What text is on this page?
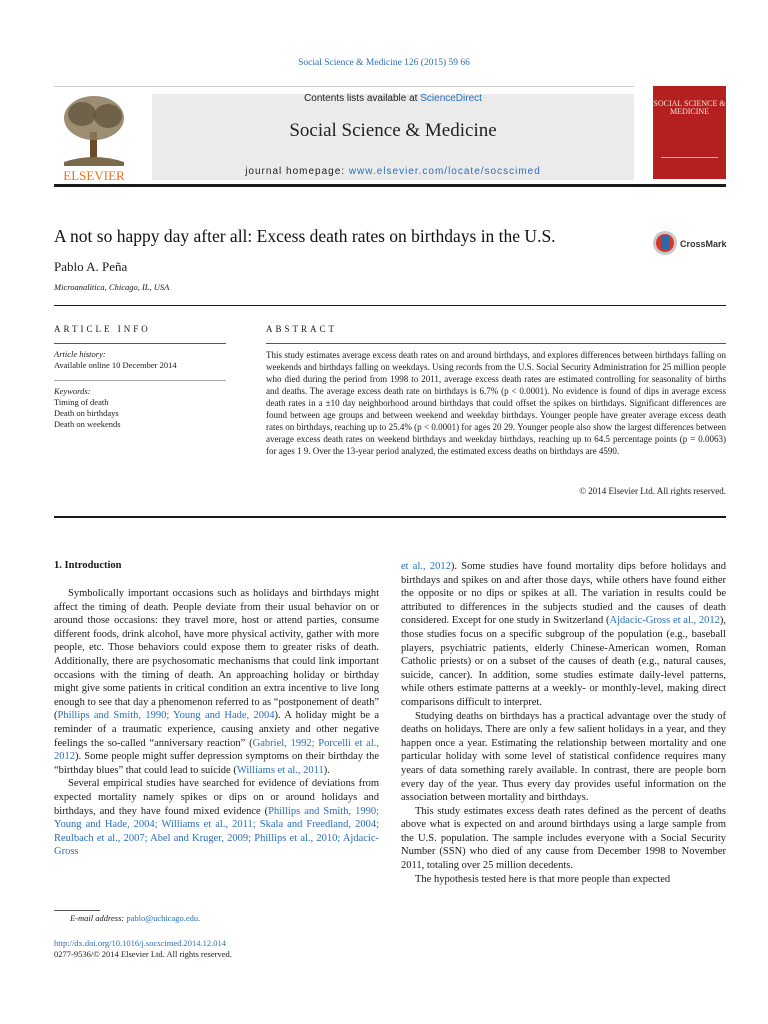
Social Science & Medicine 126 (2015) 59 66
ELSEVIER
Contents lists available at ScienceDirect
Social Science & Medicine
journal homepage: www.elsevier.com/locate/socscimed
SOCIAL SCIENCE & MEDICINE
A not so happy day after all: Excess death rates on birthdays in the U.S.	CrossMark
Pablo A. Peña
Microanalitica, Chicago, IL, USA
ARTICLE INFO
Article history:
Available online 10 December 2014
Keywords:
Timing of death
Death on birthdays
Death on weekends
ABSTRACT
This study estimates average excess death rates on and around birthdays, and explores differences between birthdays falling on weekends and birthdays falling on weekdays. Using records from the U.S. Social Security Administration for 25 million people who died during the period from 1998 to 2011, average excess death rates are estimated controlling for seasonality of births and deaths. The average excess death rate on birthdays is 6.7% (p < 0.0001). No evidence is found of dips in average excess death rates in a ±10 day neighborhood around birthdays that could offset the spikes on birthdays. Significant differences are found between age groups and between weekend and weekday birthdays. Younger people have greater average excess death rates on birthdays, reaching up to 25.4% (p < 0.0001) for ages 20 29. Younger people also show the largest differences between average excess death rates on weekend birthdays and weekday birthdays, reaching up to 64.5 percentage points (p = 0.0063) for ages 1 9. Over the 13-year period analyzed, the estimated excess deaths on birthdays are 4590.
© 2014 Elsevier Ltd. All rights reserved.
1. Introduction

Symbolically important occasions such as holidays and birthdays might affect the timing of death. People deviate from their usual behavior on or around those occasions: they travel more, host or attend parties, consume different foods, drink alcohol, have more physical activity, gather with more people, etc. Those behaviors could expose them to greater risks of death. Additionally, there are psychosomatic mechanisms that could link important occasions with the timing of death. An approaching holiday or birthday might give some patients in critical condition an extra incentive to live long enough to see that day a phenomenon referred to as “postponement of death” (Phillips and Smith, 1990; Young and Hade, 2004). A holiday might be a reminder of a traumatic experience, causing anxiety and other negative feelings the so-called “anniversary reaction” (Gabriel, 1992; Porcelli et al., 2012). Some people might suffer depression symptoms on their birthday the “birthday blues” that could lead to suicide (Williams et al., 2011).

Several empirical studies have searched for evidence of deviations from expected mortality namely spikes or dips on or around holidays and birthdays, and they have found mixed evidence (Phillips and Smith, 1990; Young and Hade, 2004; Williams et al., 2011; Skala and Freedland, 2004; Reulbach et al., 2007; Abel and Kruger, 2009; Phillips et al., 2010; Ajdacic-Gross

et al., 2012). Some studies have found mortality dips before holidays and birthdays and spikes on and after those days, while others have found either the opposite or no dips or spikes at all. The variation in results could be attributed to differences in the subjects studied and the causes of death considered. Except for one study in Switzerland (Ajdacic-Gross et al., 2012), those studies focus on a specific subgroup of the population (e.g., baseball players, psychiatric patients, elderly Chinese-American women, Roman Catholic priests) or on a subset of the causes of death (e.g., natural causes, suicide, cancer). In addition, some studies estimate daily-level patterns, while others estimate patterns at a weekly- or monthly-level, making direct comparisons difficult to interpret.

Studying deaths on birthdays has a practical advantage over the study of deaths on holidays. There are only a few salient holidays in a year, and they happen once a year. Estimating the relationship between mortality and one particular holiday with some level of statistical confidence requires many years of data something rarely available. In contrast, there are people born every day of the year. Thus every day provides useful information on the association between mortality and birthdays.

This study estimates excess death rates defined as the percent of deaths above what is expected on and around birthdays using a large sample from the U.S. population. The sample includes everyone with a Social Security Number (SSN) who died of any cause from December 1998 to November 2011, totaling over 25 million decedents.

The hypothesis tested here is that more people than expected

E-mail address: pablo@uchicago.edu.
http://dx.doi.org/10.1016/j.socscimed.2014.12.014
0277-9536/© 2014 Elsevier Ltd. All rights reserved.
